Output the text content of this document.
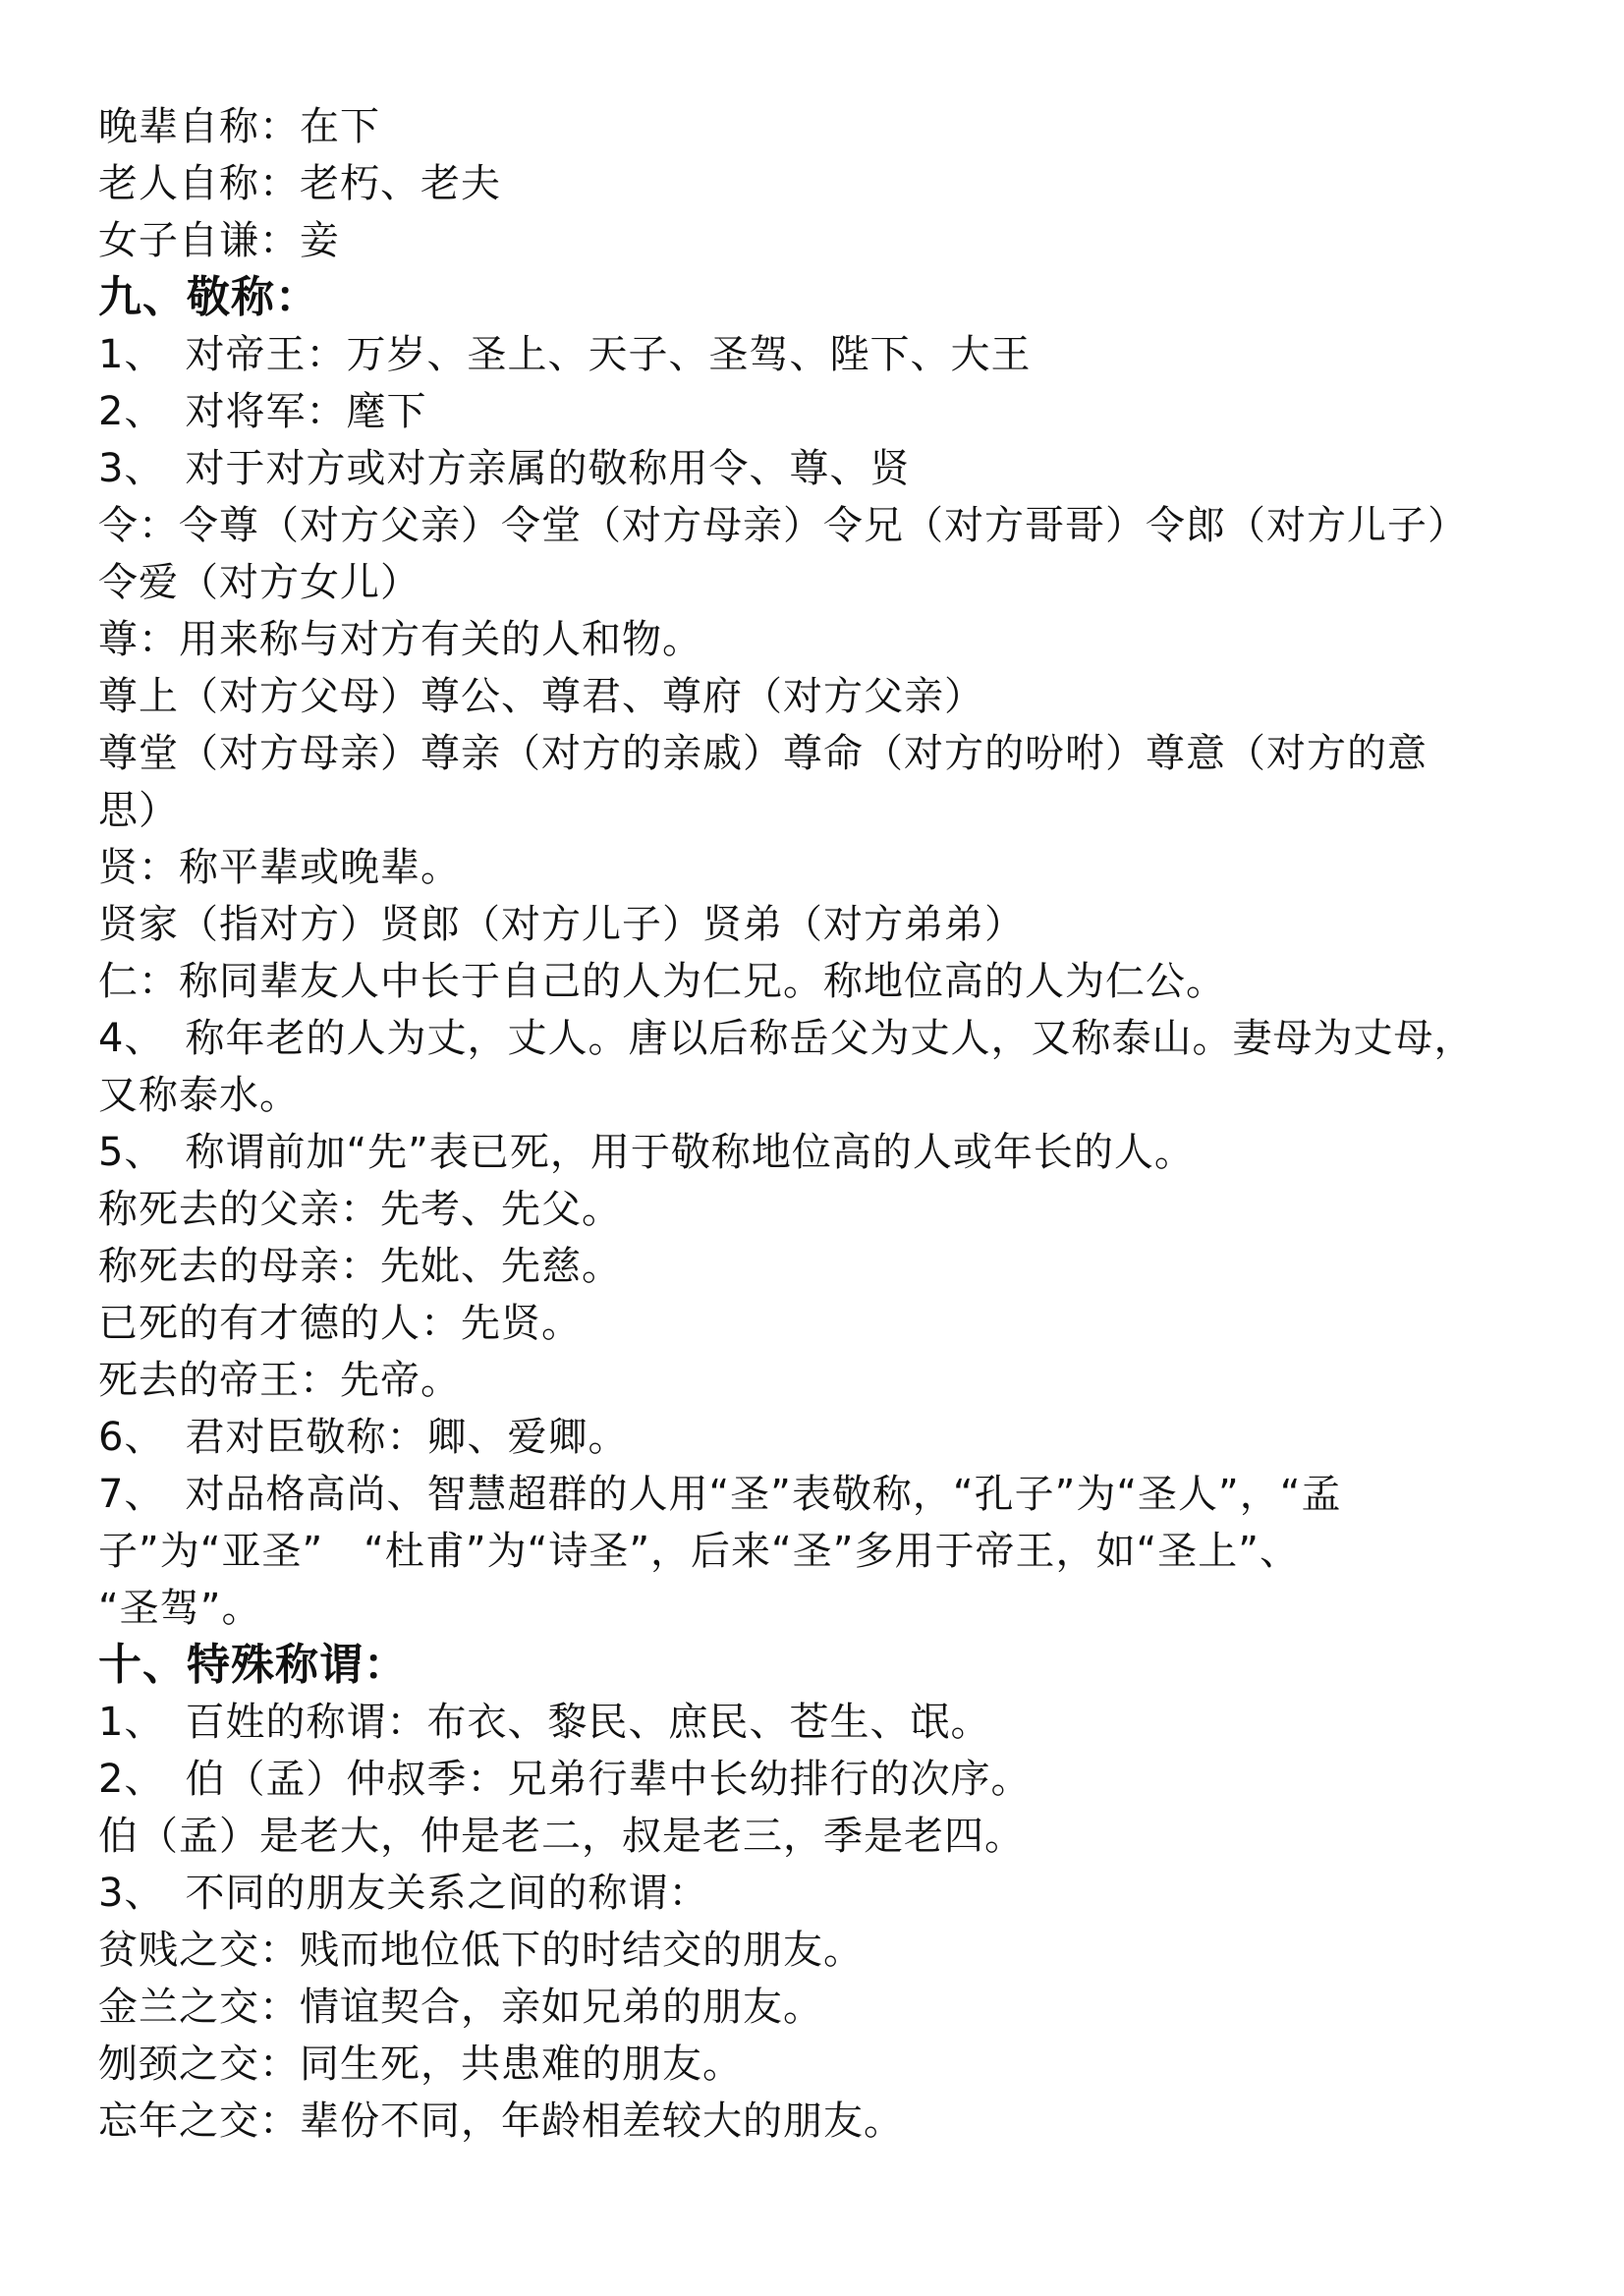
晚辈自称：在下
老人自称：老朽、老夫
女子自谦：妾
九、敬称：
1、　对帝王：万岁、圣上、天子、圣驾、陛下、大王
2、　对将军：麾下
3、　对于对方或对方亲属的敬称用令、尊、贤
令：令尊（对方父亲）令堂（对方母亲）令兄（对方哥哥）令郎（对方儿子）
令爱（对方女儿）
尊：用来称与对方有关的人和物。
尊上（对方父母）尊公、尊君、尊府（对方父亲）
尊堂（对方母亲）尊亲（对方的亲戚）尊命（对方的吩咐）尊意（对方的意
思）
贤：称平辈或晚辈。
贤家（指对方）贤郎（对方儿子）贤弟（对方弟弟）
仁：称同辈友人中长于自己的人为仁兄。称地位高的人为仁公。
4、　称年老的人为丈，丈人。唐以后称岳父为丈人，又称泰山。妻母为丈母，
又称泰水。
5、　称谓前加“先”表已死，用于敬称地位高的人或年长的人。
称死去的父亲：先考、先父。
称死去的母亲：先妣、先慈。
已死的有才德的人：先贤。
死去的帝王：先帝。
6、　君对臣敬称：卿、爱卿。
7、　对品格高尚、智慧超群的人用“圣”表敬称，“孔子”为“圣人”，“孟
子”为“亚圣”　“杜甫”为“诗圣”，后来“圣”多用于帝王，如“圣上”、
“圣驾”。
十、特殊称谓：
1、　百姓的称谓：布衣、黎民、庶民、苍生、氓。
2、　伯（孟）仲叔季：兄弟行辈中长幼排行的次序。
伯（孟）是老大，仲是老二，叔是老三，季是老四。
3、　不同的朋友关系之间的称谓：
贫贱之交：贱而地位低下的时结交的朋友。
金兰之交：情谊契合，亲如兄弟的朋友。
刎颈之交：同生死，共患难的朋友。
忘年之交：辈份不同，年龄相差较大的朋友。
